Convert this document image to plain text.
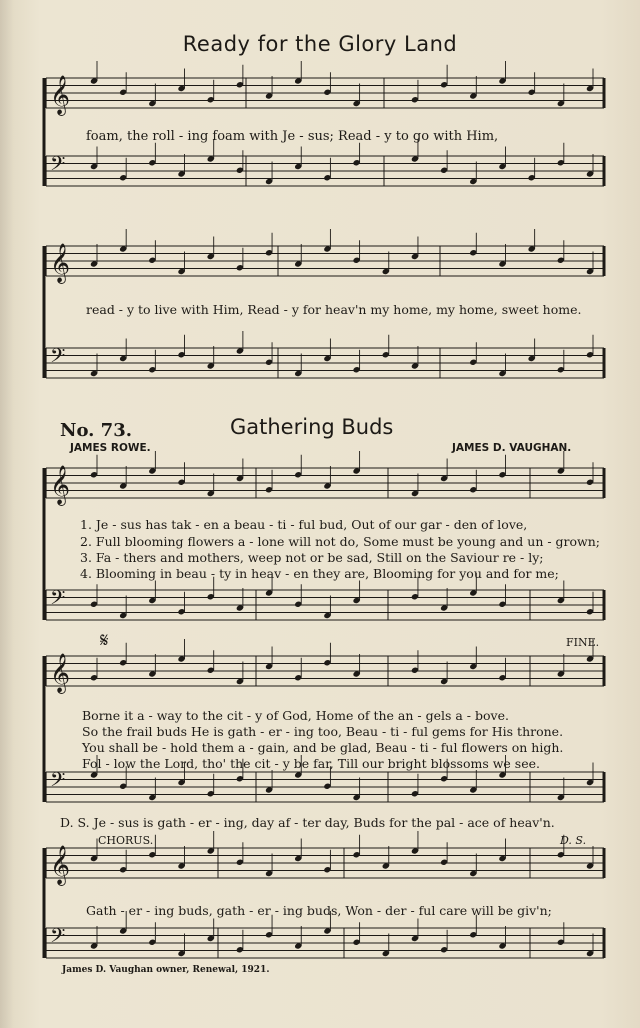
𝄞
𝄢
𝄞
𝄢
𝄞
𝄢
𝄞
𝄢
𝄞
𝄢
Ready for the Glory Land
foam, the roll - ing foam with Je - sus; Read - y to go with Him,
read - y to live with Him, Read - y for heav'n my home, my home, sweet home.
No. 73.	Gathering Buds
JAMES ROWE.	JAMES D. VAUGHAN.
1. Je - sus has tak - en a beau - ti - ful bud, Out of our gar - den of love,
2. Full blooming flowers a - lone will not do, Some must be young and un - grown;
3. Fa - thers and mothers, weep not or be sad, Still on the Saviour re - ly;
4. Blooming in beau - ty in heav - en they are, Blooming for you and for me;
𝄋	FINE.
Borne it a - way to the cit - y of God, Home of the an - gels a - bove.
So the frail buds He is gath - er - ing too, Beau - ti - ful gems for His throne.
You shall be - hold them a - gain, and be glad, Beau - ti - ful flowers on high.
Fol - low the Lord, tho' the cit - y be far, Till our bright blossoms we see.
D. S. Je - sus is gath - er - ing, day af - ter day, Buds for the pal - ace of heav'n.
CHORUS.	D. S.
Gath - er - ing buds, gath - er - ing buds, Won - der - ful care will be giv'n;
James D. Vaughan owner, Renewal, 1921.
